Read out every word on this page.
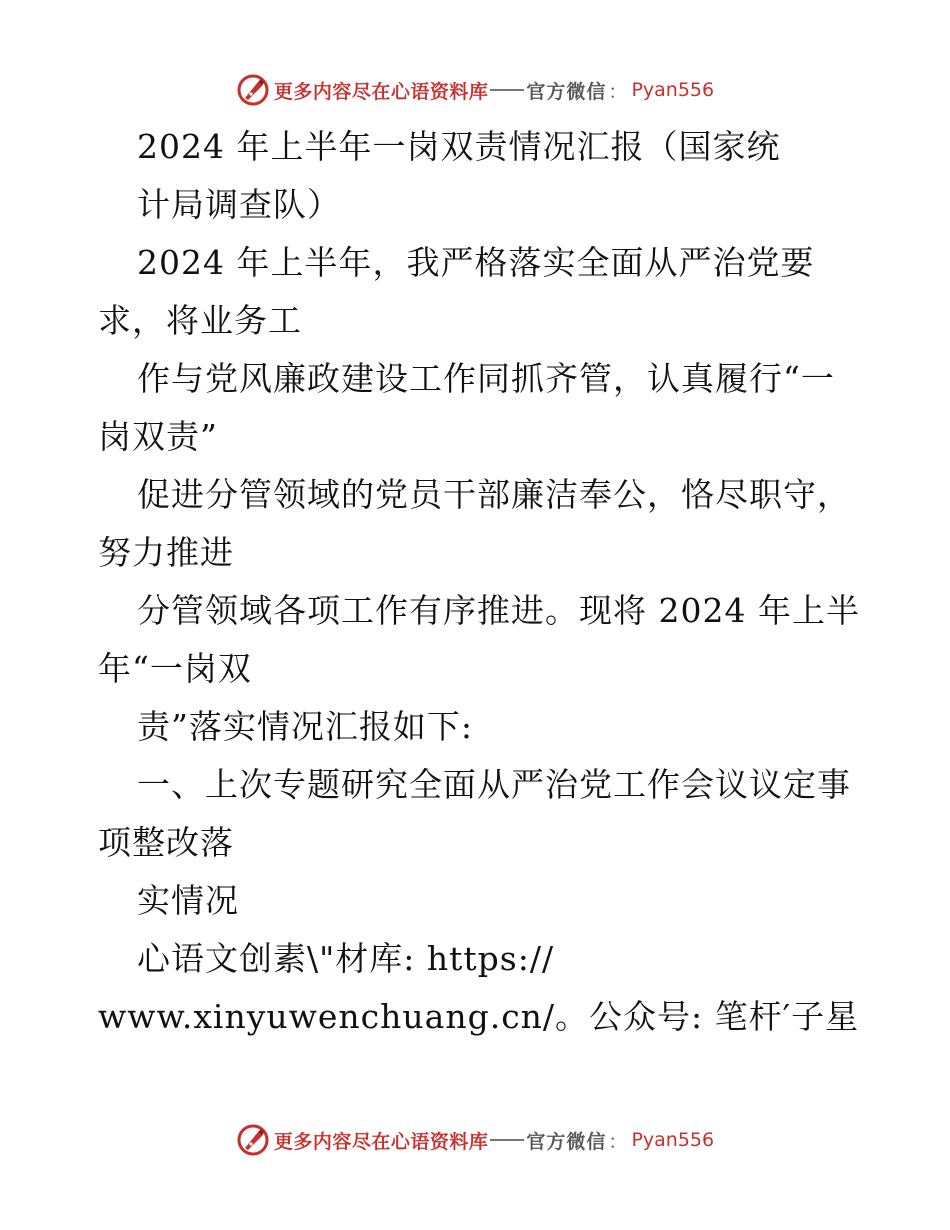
更多内容尽在心语资料库 官方微信 ： Pyan556
2024 年上半年一岗双责情况汇报（国家统
计局调查队）
2024 年上半年，我严格落实全面从严治党要
求，将业务工
作与党风廉政建设工作同抓齐管，认真履行“一
岗双责”
促进分管领域的党员干部廉洁奉公，恪尽职守，
努力推进
分管领域各项工作有序推进。现将 2024 年上半
年“一岗双
责”落实情况汇报如下:
一、上次专题研究全面从严治党工作会议议定事
项整改落
实情况
心语文创素\"材库: https://
www.xinyuwenchuang.cn/。公众号: 笔杆′子星
更多内容尽在心语资料库 官方微信 ： Pyan556
